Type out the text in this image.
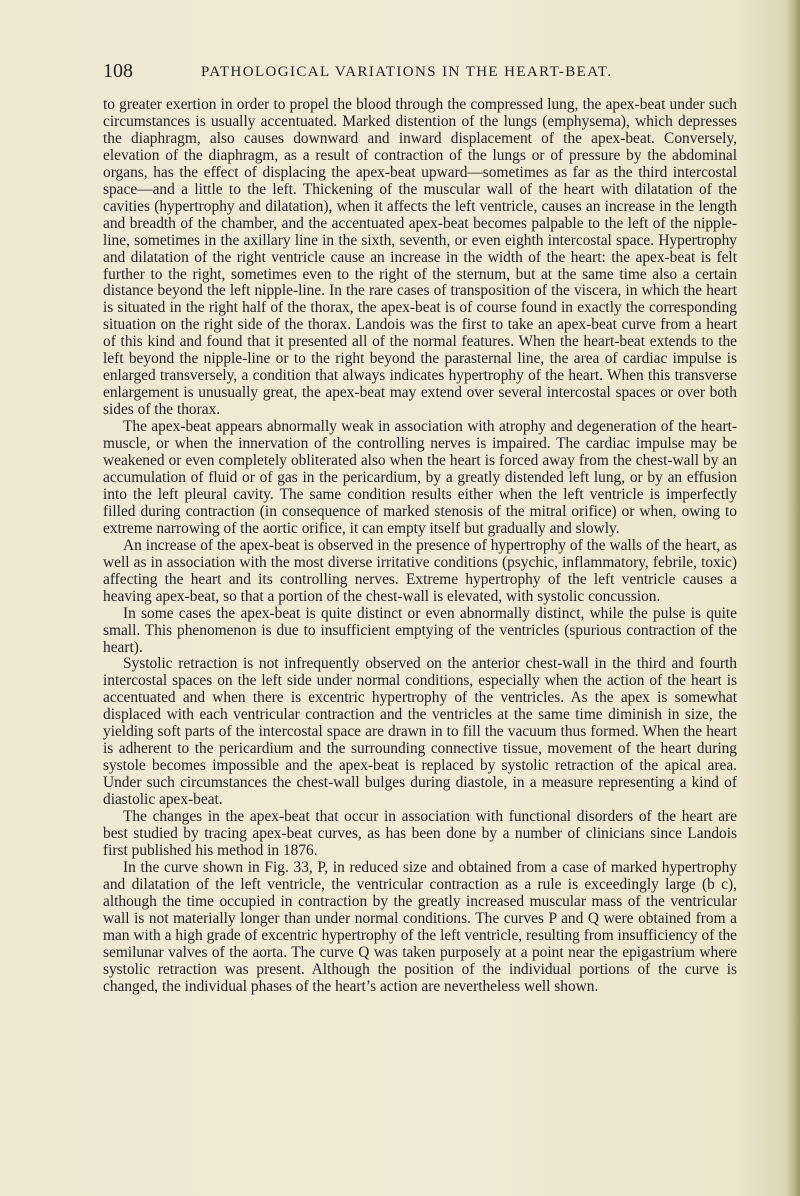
108	PATHOLOGICAL VARIATIONS IN THE HEART-BEAT.

to greater exertion in order to propel the blood through the compressed lung, the apex-beat under such circumstances is usually accentuated. Marked distention of the lungs (emphysema), which depresses the diaphragm, also causes downward and inward displacement of the apex-beat. Conversely, elevation of the diaphragm, as a result of contraction of the lungs or of pressure by the abdominal organs, has the effect of displacing the apex-beat upward—sometimes as far as the third intercostal space—and a little to the left. Thickening of the muscular wall of the heart with dilatation of the cavities (hypertrophy and dilatation), when it affects the left ventricle, causes an increase in the length and breadth of the chamber, and the accentuated apex-beat becomes palpable to the left of the nipple-line, sometimes in the axillary line in the sixth, seventh, or even eighth intercostal space. Hypertrophy and dilatation of the right ventricle cause an increase in the width of the heart: the apex-beat is felt further to the right, sometimes even to the right of the sternum, but at the same time also a certain distance beyond the left nipple-line. In the rare cases of transposition of the viscera, in which the heart is situated in the right half of the thorax, the apex-beat is of course found in exactly the corresponding situation on the right side of the thorax. Landois was the first to take an apex-beat curve from a heart of this kind and found that it presented all of the normal features. When the heart-beat extends to the left beyond the nipple-line or to the right beyond the parasternal line, the area of cardiac impulse is enlarged transversely, a condition that always indicates hypertrophy of the heart. When this transverse enlargement is unusually great, the apex-beat may extend over several intercostal spaces or over both sides of the thorax.

The apex-beat appears abnormally weak in association with atrophy and degeneration of the heart-muscle, or when the innervation of the controlling nerves is impaired. The cardiac impulse may be weakened or even completely obliterated also when the heart is forced away from the chest-wall by an accumulation of fluid or of gas in the pericardium, by a greatly distended left lung, or by an effusion into the left pleural cavity. The same condition results either when the left ventricle is imperfectly filled during contraction (in consequence of marked stenosis of the mitral orifice) or when, owing to extreme narrowing of the aortic orifice, it can empty itself but gradually and slowly.

An increase of the apex-beat is observed in the presence of hypertrophy of the walls of the heart, as well as in association with the most diverse irritative conditions (psychic, inflammatory, febrile, toxic) affecting the heart and its controlling nerves. Extreme hypertrophy of the left ventricle causes a heaving apex-beat, so that a portion of the chest-wall is elevated, with systolic concussion.

In some cases the apex-beat is quite distinct or even abnormally distinct, while the pulse is quite small. This phenomenon is due to insufficient emptying of the ventricles (spurious contraction of the heart).

Systolic retraction is not infrequently observed on the anterior chest-wall in the third and fourth intercostal spaces on the left side under normal conditions, especially when the action of the heart is accentuated and when there is excentric hypertrophy of the ventricles. As the apex is somewhat displaced with each ventricular contraction and the ventricles at the same time diminish in size, the yielding soft parts of the intercostal space are drawn in to fill the vacuum thus formed. When the heart is adherent to the pericardium and the surrounding connective tissue, movement of the heart during systole becomes impossible and the apex-beat is replaced by systolic retraction of the apical area. Under such circumstances the chest-wall bulges during diastole, in a measure representing a kind of diastolic apex-beat.

The changes in the apex-beat that occur in association with functional disorders of the heart are best studied by tracing apex-beat curves, as has been done by a number of clinicians since Landois first published his method in 1876.

In the curve shown in Fig. 33, P, in reduced size and obtained from a case of marked hypertrophy and dilatation of the left ventricle, the ventricular contraction as a rule is exceedingly large (b c), although the time occupied in contraction by the greatly increased muscular mass of the ventricular wall is not materially longer than under normal conditions. The curves P and Q were obtained from a man with a high grade of excentric hypertrophy of the left ventricle, resulting from insufficiency of the semilunar valves of the aorta. The curve Q was taken purposely at a point near the epigastrium where systolic retraction was present. Although the position of the individual portions of the curve is changed, the individual phases of the heart’s action are nevertheless well shown.
